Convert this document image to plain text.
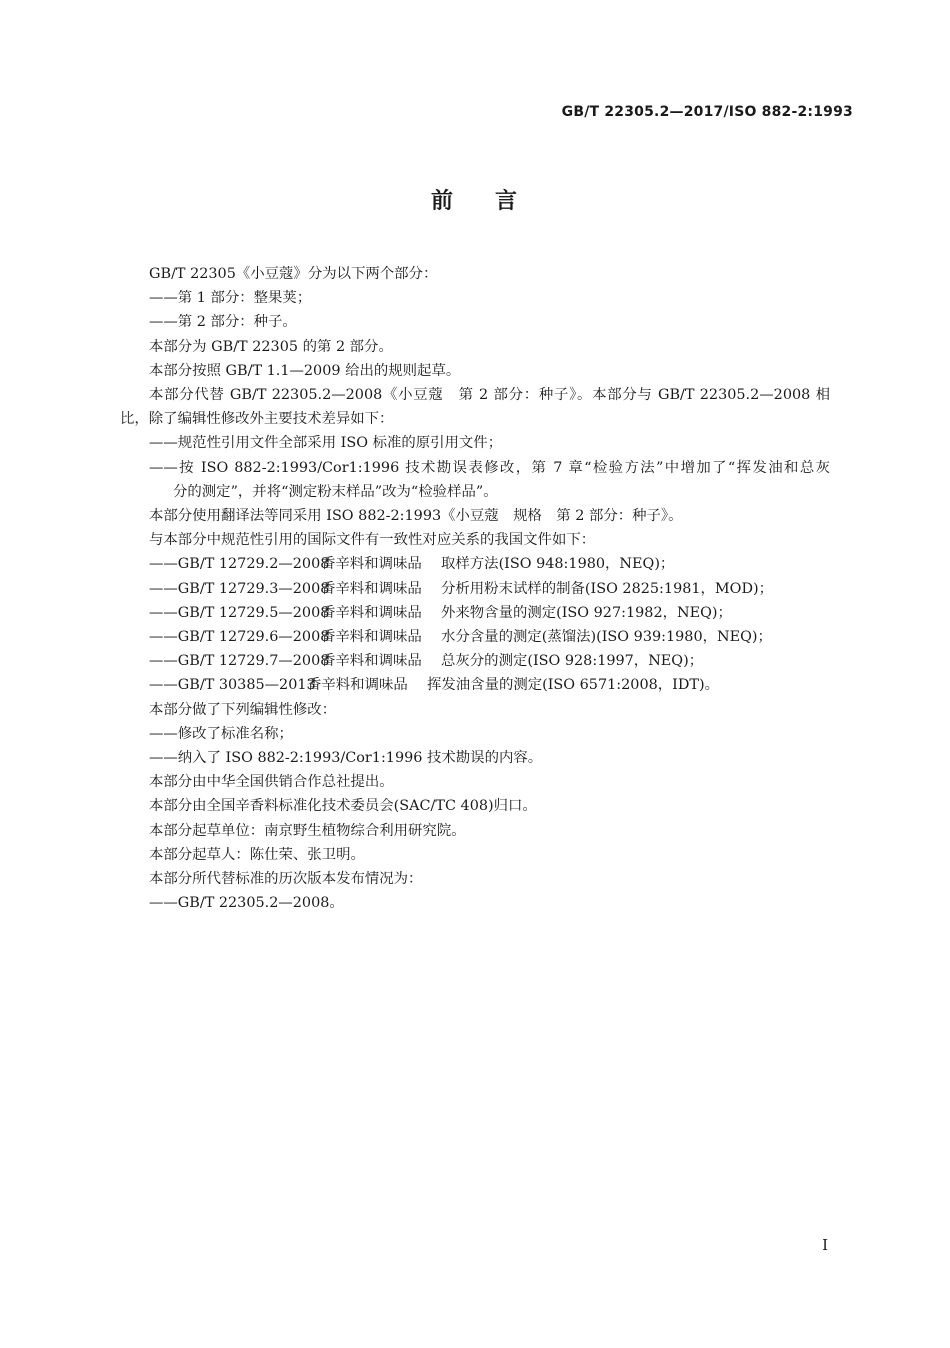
GB/T 22305.2—2017/ISO 882-2:1993
前 言
GB/T 22305《小豆蔻》分为以下两个部分：
——第 1 部分：整果荚；
——第 2 部分：种子。
本部分为 GB/T 22305 的第 2 部分。
本部分按照 GB/T 1.1—2009 给出的规则起草。
本部分代替 GB/T 22305.2—2008《小豆蔻　第 2 部分：种子》。本部分与 GB/T 22305.2—2008 相
比，除了编辑性修改外主要技术差异如下：
——规范性引用文件全部采用 ISO 标准的原引用文件；
——按 ISO 882-2:1993/Cor1:1996 技术勘误表修改，第 7 章“检验方法”中增加了“挥发油和总灰
分的测定”，并将“测定粉末样品”改为“检验样品”。
本部分使用翻译法等同采用 ISO 882-2:1993《小豆蔻　规格　第 2 部分：种子》。
与本部分中规范性引用的国际文件有一致性对应关系的我国文件如下：
——GB/T 12729.2—2008香辛料和调味品 取样方法(ISO 948:1980，NEQ)；
——GB/T 12729.3—2008香辛料和调味品 分析用粉末试样的制备(ISO 2825:1981，MOD)；
——GB/T 12729.5—2008香辛料和调味品 外来物含量的测定(ISO 927:1982，NEQ)；
——GB/T 12729.6—2008香辛料和调味品 水分含量的测定(蒸馏法)(ISO 939:1980，NEQ)；
——GB/T 12729.7—2008香辛料和调味品 总灰分的测定(ISO 928:1997，NEQ)；
——GB/T 30385—2013香辛料和调味品 挥发油含量的测定(ISO 6571:2008，IDT)。
本部分做了下列编辑性修改：
——修改了标准名称；
——纳入了 ISO 882-2:1993/Cor1:1996 技术勘误的内容。
本部分由中华全国供销合作总社提出。
本部分由全国辛香料标准化技术委员会(SAC/TC 408)归口。
本部分起草单位：南京野生植物综合利用研究院。
本部分起草人：陈仕荣、张卫明。
本部分所代替标准的历次版本发布情况为：
——GB/T 22305.2—2008。
I
